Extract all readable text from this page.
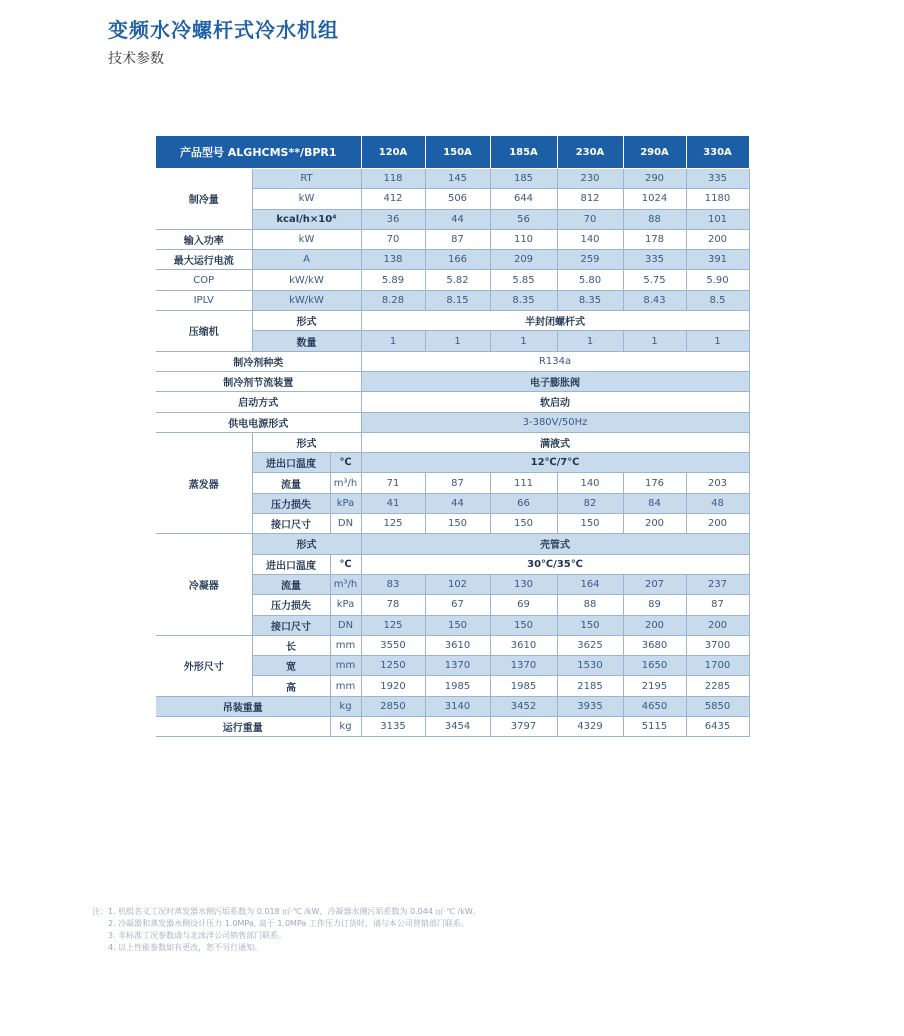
变频水冷螺杆式冷水机组
技术参数
产品型号 ALGHCMS**/BPR1			120A	150A	185A	230A	290A	330A
制冷量	RT		118	145	185	230	290	335
	kW		412	506	644	812	1024	1180
	kcal/h×10⁴		36	44	56	70	88	101
输入功率	kW		70	87	110	140	178	200
最大运行电流	A		138	166	209	259	335	391
COP	kW/kW		5.89	5.82	5.85	5.80	5.75	5.90
IPLV	kW/kW		8.28	8.15	8.35	8.35	8.43	8.5
压缩机	形式		半封闭螺杆式					
	数量		1	1	1	1	1	1
制冷剂种类			R134a					
制冷剂节流装置			电子膨胀阀					
启动方式			软启动					
供电电源形式			3-380V/50Hz					
蒸发器	形式		满液式					
	进出口温度	℃	12℃/7℃					
	流量	m³/h	71	87	111	140	176	203
	压力损失	kPa	41	44	66	82	84	48
	接口尺寸	DN	125	150	150	150	200	200
冷凝器	形式		壳管式					
	进出口温度	℃	30℃/35℃					
	流量	m³/h	83	102	130	164	207	237
	压力损失	kPa	78	67	69	88	89	87
	接口尺寸	DN	125	150	150	150	200	200
外形尺寸	长	mm	3550	3610	3610	3625	3680	3700
	宽	mm	1250	1370	1370	1530	1650	1700
	高	mm	1920	1985	1985	2185	2195	2285
吊装重量		kg	2850	3140	3452	3935	4650	5850
运行重量		kg	3135	3454	3797	4329	5115	6435
注：1. 机组名义工况时蒸发器水侧污垢系数为 0.018 ㎡·℃ /kW，冷凝器水侧污垢系数为 0.044 ㎡·℃ /kW。
2. 冷凝器和蒸发器水侧设计压力 1.0MPa, 高于 1.0MPa 工作压力订货时，请与本公司营销部门联系。
3. 非标准工况参数请与北冰洋公司销售部门联系。
4. 以上性能参数如有更改，恕不另行通知。
